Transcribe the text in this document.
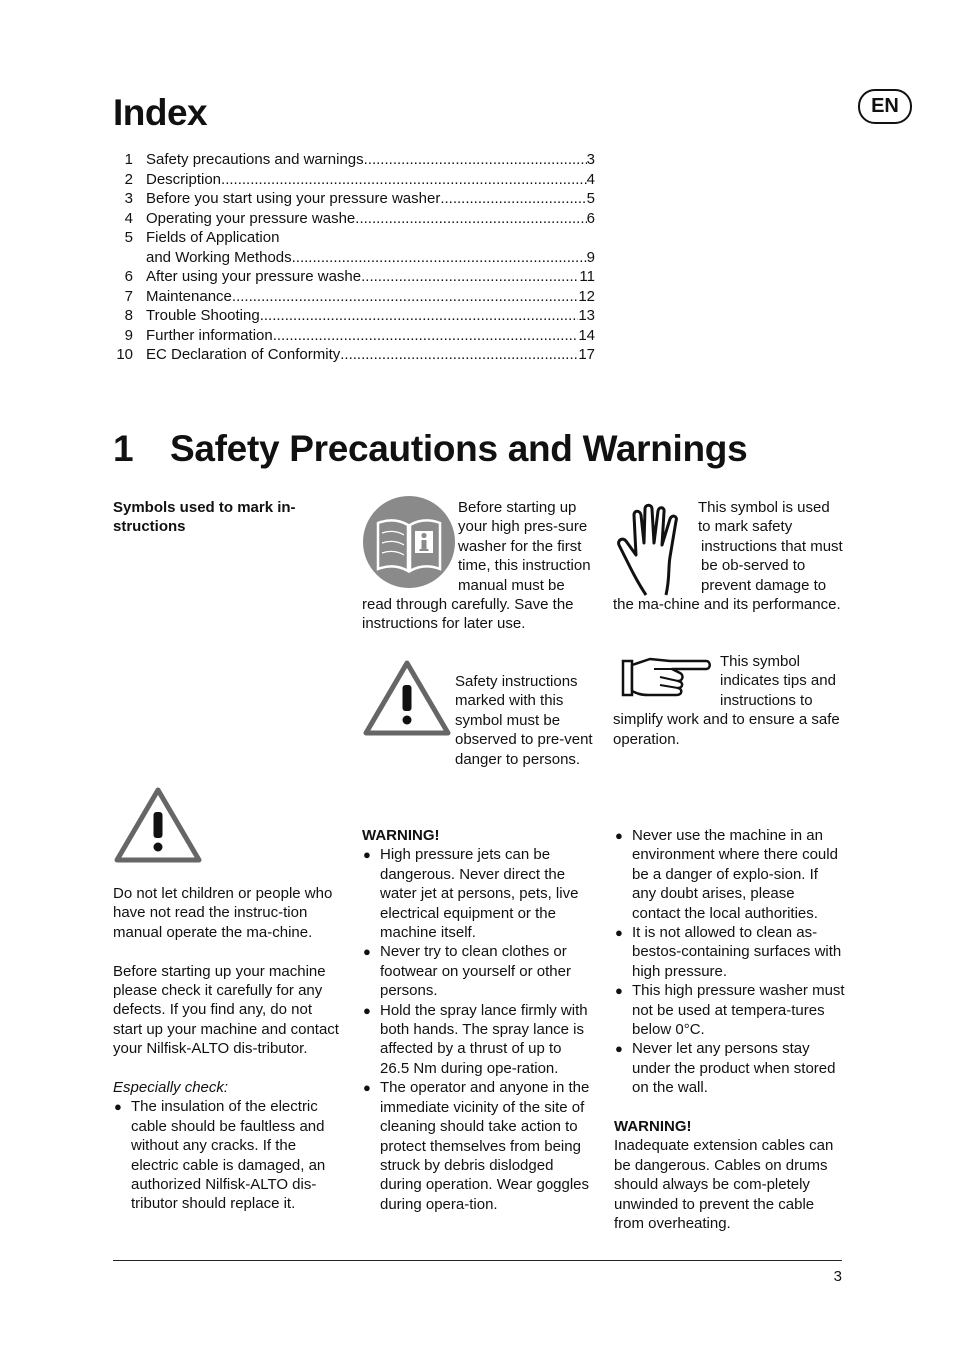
Index	EN
1 Safety precautions and warnings .....	3
2 Description .....	4
3 Before you start using your pressure washer .....	5
4 Operating your pressure washe .....	6
5 Fields of Application
and Working Methods .....	9
6 After using your pressure washe .....	11
7 Maintenance .....	12
8 Trouble Shooting .....	13
9 Further information .....	14
10 EC Declaration of Conformity .....	17
1 Safety Precautions and Warnings
Symbols used to mark in-structions
Before starting up your high pres-sure washer for the first time, this instruction manual must be read through carefully. Save the instructions for later use.
This symbol is used to mark safety instructions that must be ob-served to prevent damage to the ma-chine and its performance.
Safety instructions marked with this symbol must be observed to pre-vent danger to persons.
This symbol indicates tips and instructions to simplify work and to ensure a safe operation.

Do not let children or people who have not read the instruc-tion manual operate the ma-chine.

Before starting up your machine please check it carefully for any defects. If you find any, do not start up your machine and contact your Nilfisk-ALTO dis-tributor.

Especially check:
● The insulation of the electric cable should be faultless and without any cracks. If the electric cable is damaged, an authorized Nilfisk-ALTO dis-tributor should replace it.
WARNING!
● High pressure jets can be dangerous. Never direct the water jet at persons, pets, live electrical equipment or the machine itself.
● Never try to clean clothes or footwear on yourself or other persons.
● Hold the spray lance firmly with both hands. The spray lance is affected by a thrust of up to 26.5 Nm during ope-ration.
● The operator and anyone in the immediate vicinity of the site of cleaning should take action to protect themselves from being struck by debris dislodged during operation. Wear goggles during opera-tion.
● Never use the machine in an environment where there could be a danger of explo-sion. If any doubt arises, please contact the local authorities.
● It is not allowed to clean as-bestos-containing surfaces with high pressure.
● This high pressure washer must not be used at tempera-tures below 0°C.
● Never let any persons stay under the product when stored on the wall.
WARNING!

Inadequate extension cables can be dangerous. Cables on drums should always be com-pletely unwinded to prevent the cable from overheating.

3
